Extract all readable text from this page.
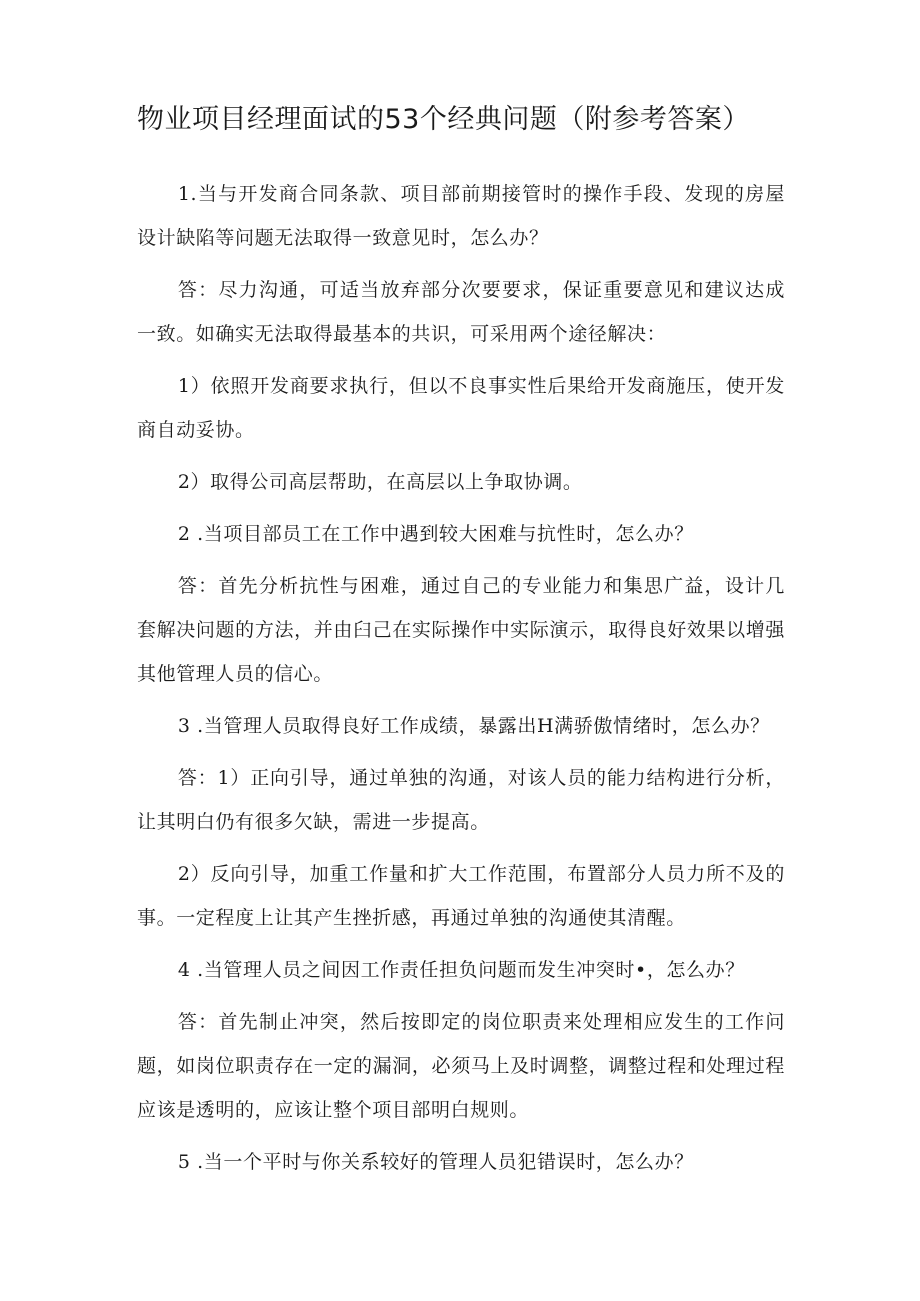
物业项目经理面试的53个经典问题（附参考答案）

1.当与开发商合同条款、项目部前期接管时的操作手段、发现的房屋设计缺陷等问题无法取得一致意见时，怎么办？

答：尽力沟通，可适当放弃部分次要要求，保证重要意见和建议达成一致。如确实无法取得最基本的共识，可采用两个途径解决：

1）依照开发商要求执行，但以不良事实性后果给开发商施压，使开发商自动妥协。

2）取得公司高层帮助，在高层以上争取协调。

2 .当项目部员工在工作中遇到较大困难与抗性时，怎么办？

答：首先分析抗性与困难，通过自己的专业能力和集思广益，设计几套解决问题的方法，并由臼己在实际操作中实际演示，取得良好效果以增强其他管理人员的信心。

3 .当管理人员取得良好工作成绩，暴露出H满骄傲情绪时，怎么办？

答：1）正向引导，通过单独的沟通，对该人员的能力结构进行分析，让其明白仍有很多欠缺，需进一步提高。

2）反向引导，加重工作量和扩大工作范围，布置部分人员力所不及的事。一定程度上让其产生挫折感，再通过单独的沟通使其清醒。

4 .当管理人员之间因工作责任担负问题而发生冲突时•，怎么办？

答：首先制止冲突，然后按即定的岗位职责来处理相应发生的工作问题，如岗位职责存在一定的漏洞，必须马上及时调整，调整过程和处理过程应该是透明的，应该让整个项目部明白规则。

5 .当一个平时与你关系较好的管理人员犯错误时，怎么办？
